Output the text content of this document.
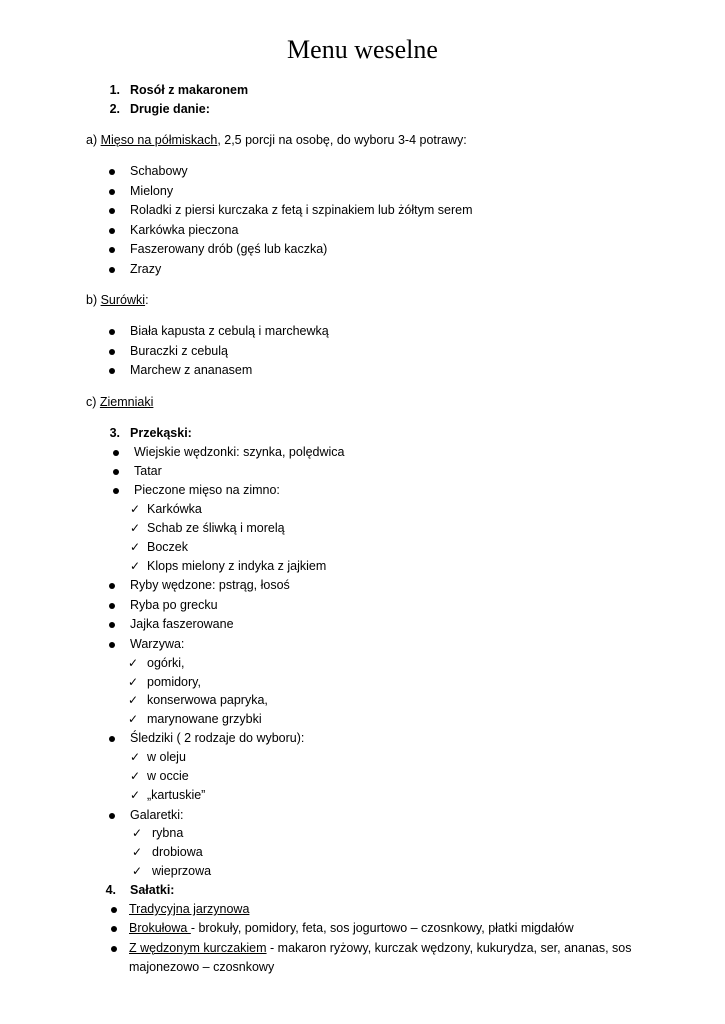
Menu weselne
1. Rosół z makaronem
2. Drugie danie:
a) Mięso na półmiskach, 2,5 porcji na osobę, do wyboru 3-4 potrawy:
Schabowy
Mielony
Roladki z piersi kurczaka z fetą i szpinakiem lub żółtym serem
Karkówka pieczona
Faszerowany drób (gęś lub kaczka)
Zrazy
b) Surówki:
Biała kapusta z cebulą i marchewką
Buraczki z cebulą
Marchew z ananasem
c) Ziemniaki
3. Przekąski:
Wiejskie wędzonki: szynka, polędwica
Tatar
Pieczone mięso na zimno:
✓ Karkówka
✓ Schab ze śliwką i morelą
✓ Boczek
✓ Klops mielony z indyka z jajkiem
Ryby wędzone: pstrąg, łosoś
Ryba po grecku
Jajka faszerowane
Warzywa:
✓ ogórki,
✓ pomidory,
✓ konserwowa papryka,
✓ marynowane grzybki
Śledziki ( 2 rodzaje do wyboru):
✓ w oleju
✓ w occie
✓ „kartuskie”
Galaretki:
✓ rybna
✓ drobiowa
✓ wieprzowa
4. Sałatki:
Tradycyjna jarzynowa
Brokułowa - brokuły, pomidory, feta, sos jogurtowo – czosnkowy, płatki migdałów
Z wędzonym kurczakiem - makaron ryżowy, kurczak wędzony, kukurydza, ser, ananas, sos
majonezowo – czosnkowy
